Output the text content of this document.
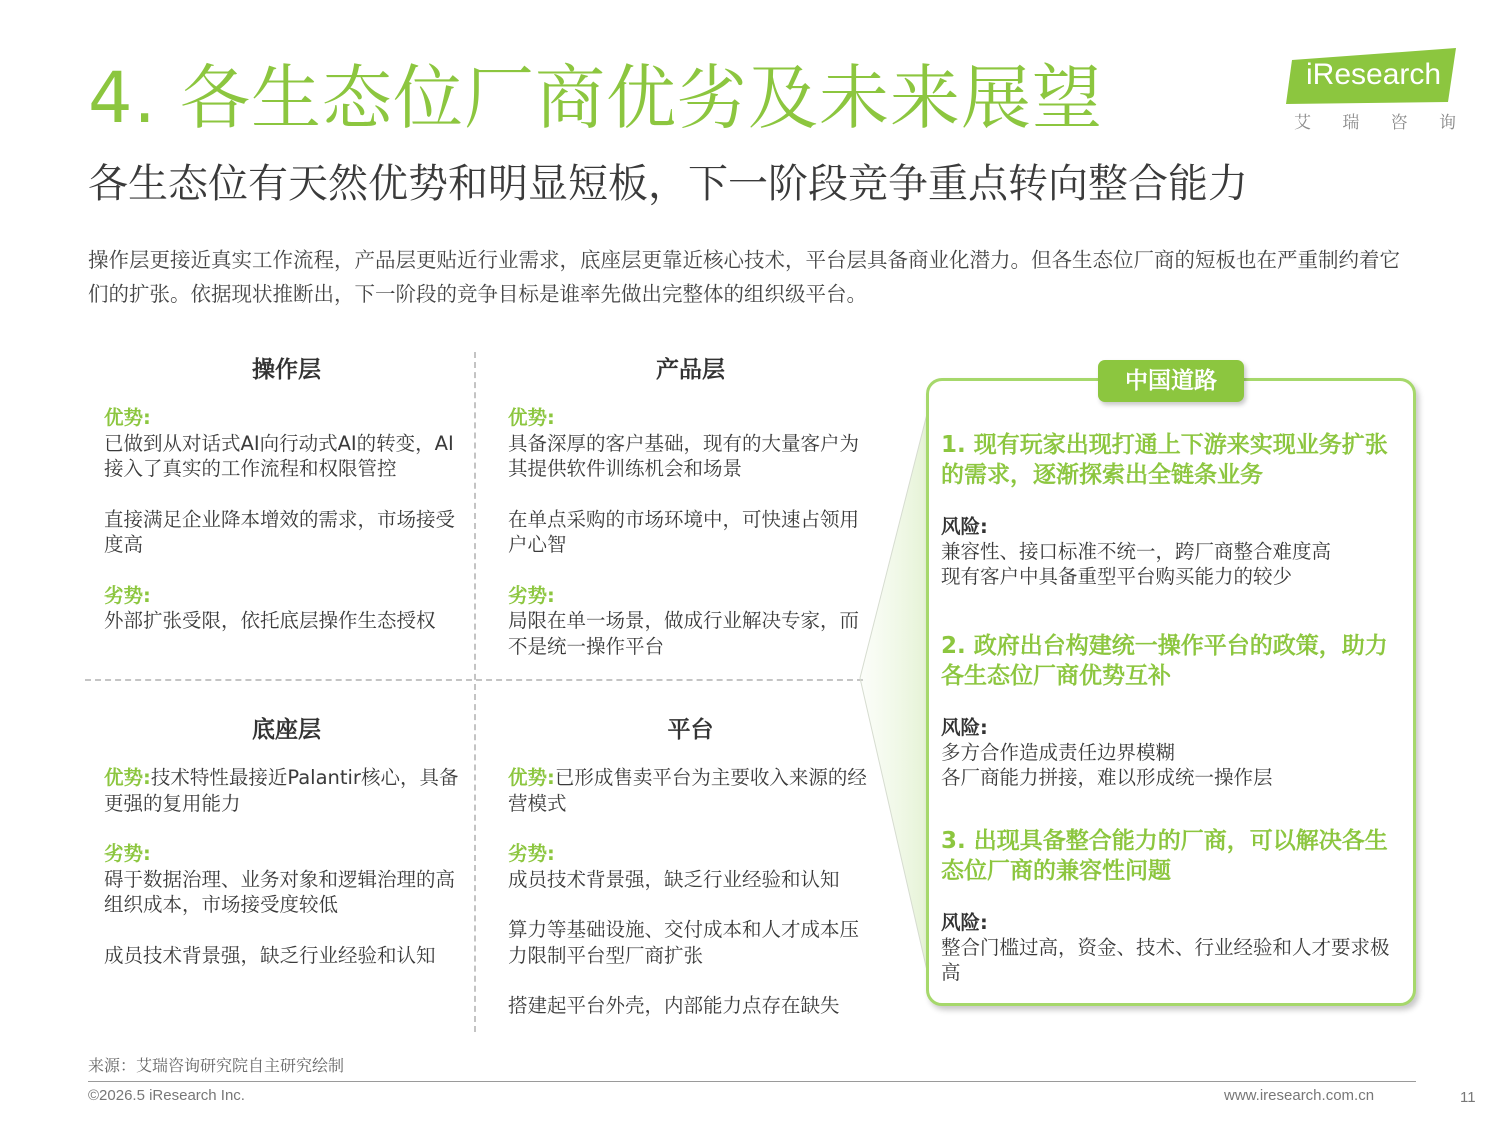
4. 各生态位厂商优劣及未来展望
各生态位有天然优势和明显短板，下一阶段竞争重点转向整合能力
iResearch
艾 瑞 咨 询
操作层更接近真实工作流程，产品层更贴近行业需求，底座层更靠近核心技术，平台层具备商业化潜力。但各生态位厂商的短板也在严重制约着它们的扩张。依据现状推断出，下一阶段的竞争目标是谁率先做出完整体的组织级平台。
操作层
优势:
已做到从对话式AI向行动式AI的转变，AI接入了真实的工作流程和权限管控
直接满足企业降本增效的需求，市场接受度高
劣势:
外部扩张受限，依托底层操作生态授权
产品层
优势:
具备深厚的客户基础，现有的大量客户为其提供软件训练机会和场景
在单点采购的市场环境中，可快速占领用户心智
劣势:
局限在单一场景，做成行业解决专家，而不是统一操作平台
底座层
优势:技术特性最接近Palantir核心，具备更强的复用能力
劣势:
碍于数据治理、业务对象和逻辑治理的高组织成本，市场接受度较低
成员技术背景强，缺乏行业经验和认知
平台
优势:已形成售卖平台为主要收入来源的经营模式
劣势:
成员技术背景强，缺乏行业经验和认知
算力等基础设施、交付成本和人才成本压力限制平台型厂商扩张
搭建起平台外壳，内部能力点存在缺失
中国道路
1. 现有玩家出现打通上下游来实现业务扩张的需求，逐渐探索出全链条业务
风险:
兼容性、接口标准不统一，跨厂商整合难度高
现有客户中具备重型平台购买能力的较少
2. 政府出台构建统一操作平台的政策，助力各生态位厂商优势互补
风险:
多方合作造成责任边界模糊
各厂商能力拼接，难以形成统一操作层
3. 出现具备整合能力的厂商，可以解决各生态位厂商的兼容性问题
风险:
整合门槛过高，资金、技术、行业经验和人才要求极高
来源：艾瑞咨询研究院自主研究绘制
©2026.5 iResearch Inc.	www.iresearch.com.cn	11
